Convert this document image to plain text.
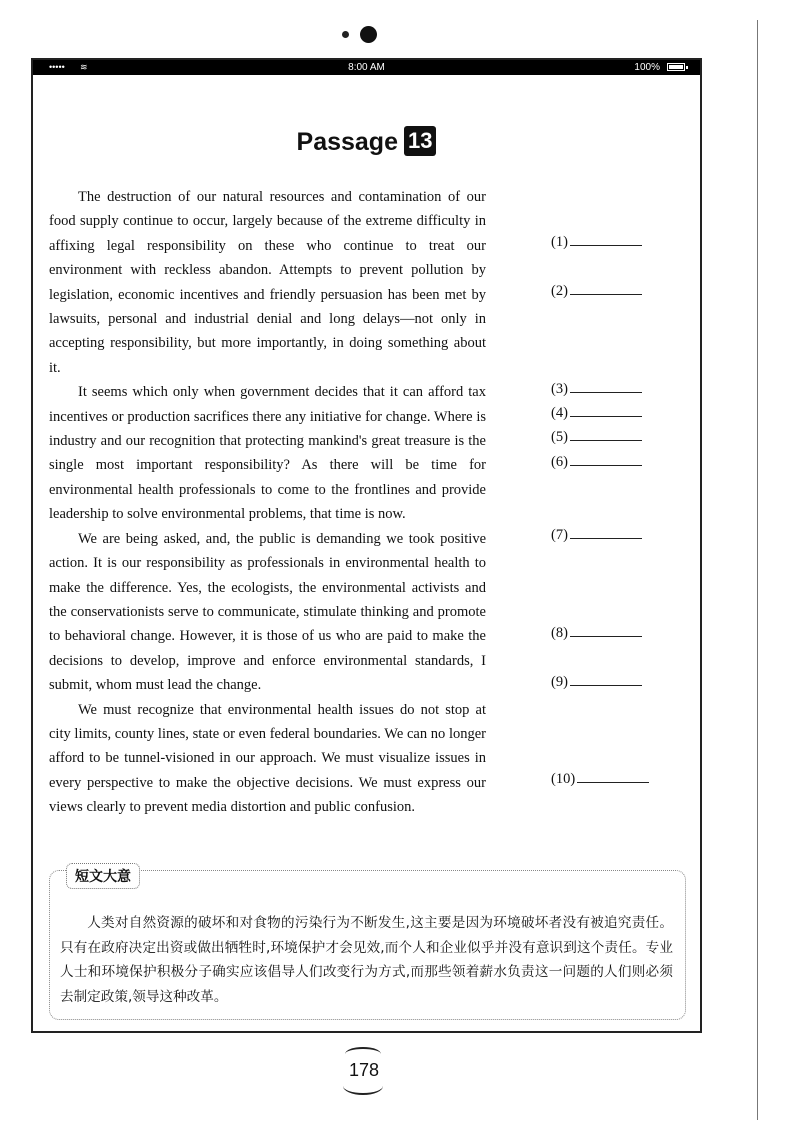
••••• ≋	8:00 AM	100%
Passage 13

The destruction of our natural resources and contamination of our food supply continue to occur, largely because of the extreme difficulty in affixing legal responsibility on these who continue to treat our environment with reckless abandon. Attempts to prevent pollution by legislation, economic incentives and friendly persuasion has been met by lawsuits, personal and industrial denial and long delays—not only in accepting responsibility, but more importantly, in doing something about it.

It seems which only when government decides that it can afford tax incentives or production sacrifices there any initiative for change. Where is industry and our recognition that protecting mankind's great treasure is the single most important responsibility? As there will be time for environmental health professionals to come to the frontlines and provide leadership to solve environmental problems, that time is now.

We are being asked, and, the public is demanding we took positive action. It is our responsibility as professionals in environmental health to make the difference. Yes, the ecologists, the environmental activists and the conservationists serve to communicate, stimulate thinking and promote to behavioral change. However, it is those of us who are paid to make the decisions to develop, improve and enforce environmental standards, I submit, whom must lead the change.

We must recognize that environmental health issues do not stop at city limits, county lines, state or even federal boundaries. We can no longer afford to be tunnel-visioned in our approach. We must visualize issues in every perspective to make the objective decisions. We must express our views clearly to prevent media distortion and public confusion.

(1)
(2)
(3)
(4)
(5)
(6)
(7)
(8)
(9)
(10)
短文大意
人类对自然资源的破坏和对食物的污染行为不断发生,这主要是因为环境破坏者没有被追究责任。只有在政府决定出资或做出牺牲时,环境保护才会见效,而个人和企业似乎并没有意识到这个责任。专业人士和环境保护积极分子确实应该倡导人们改变行为方式,而那些领着薪水负责这一问题的人们则必须去制定政策,领导这种改革。
178
